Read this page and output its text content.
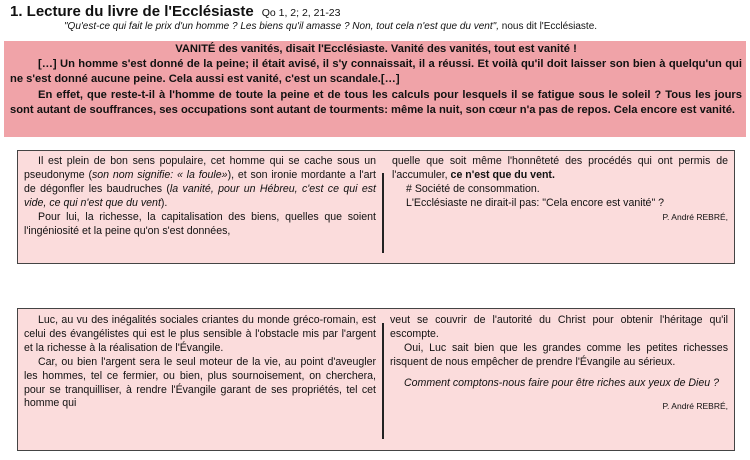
1. Lecture du livre de l'Ecclésiaste Qo 1, 2; 2, 21-23
"Qu'est-ce qui fait le prix d'un homme ? Les biens qu'il amasse ? Non, tout cela n'est que du vent", nous dit l'Ecclésiaste.

VANITÉ des vanités, disait l'Ecclésiaste. Vanité des vanités, tout est vanité !

[…] Un homme s'est donné de la peine; il était avisé, il s'y connaissait, il a réussi. Et voilà qu'il doit laisser son bien à quelqu'un qui ne s'est donné aucune peine. Cela aussi est vanité, c'est un scandale.[…]

En effet, que reste-t-il à l'homme de toute la peine et de tous les calculs pour lesquels il se fatigue sous le soleil ? Tous les jours sont autant de souffrances, ses occupations sont autant de tourments: même la nuit, son cœur n'a pas de repos. Cela encore est vanité.

Il est plein de bon sens populaire, cet homme qui se cache sous un pseudonyme (son nom signifie: « la foule»), et son ironie mordante a l'art de dégonfler les baudruches (la vanité, pour un Hébreu, c'est ce qui est vide, ce qui n'est que du vent).

Pour lui, la richesse, la capitalisation des biens, quelles que soient l'ingéniosité et la peine qu'on s'est données,

quelle que soit même l'honnêteté des procédés qui ont permis de l'accumuler, ce n'est que du vent.

# Société de consommation.

L'Ecclésiaste ne dirait-il pas: "Cela encore est vanité" ?

P. André REBRÉ,

Luc, au vu des inégalités sociales criantes du monde gréco-romain, est celui des évangélistes qui est le plus sensible à l'obstacle mis par l'argent et la richesse à la réalisation de l'Évangile.

Car, ou bien l'argent sera le seul moteur de la vie, au point d'aveugler les hommes, tel ce fermier, ou bien, plus sournoisement, on cherchera, pour se tranquilliser, à rendre l'Évangile garant de ses propriétés, tel cet homme qui

veut se couvrir de l'autorité du Christ pour obtenir l'héritage qu'il escompte.

Oui, Luc sait bien que les grandes comme les petites richesses risquent de nous empêcher de prendre l'Évangile au sérieux.

Comment comptons-nous faire pour être riches aux yeux de Dieu ?

P. André REBRÉ,
